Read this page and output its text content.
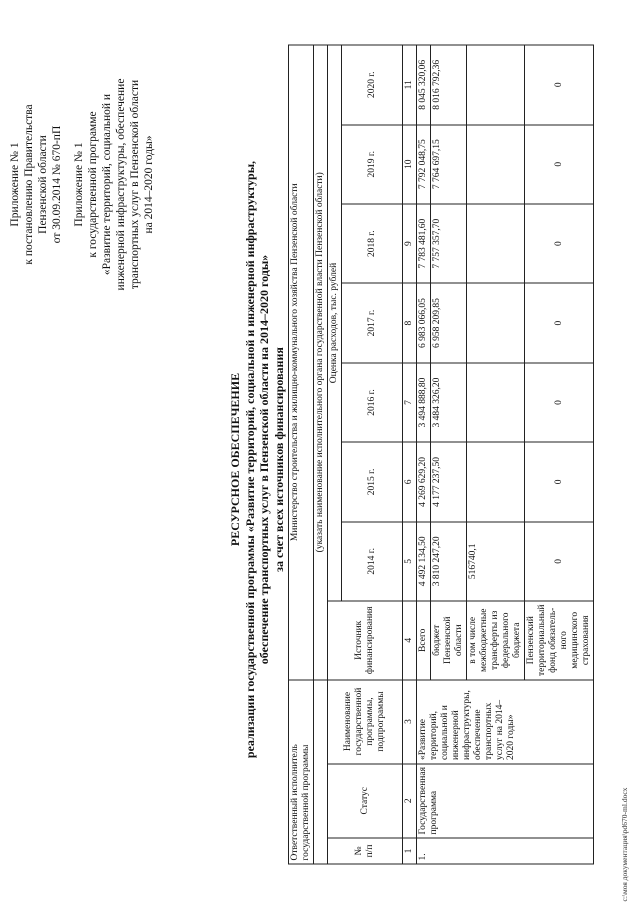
Приложение № 1 к постановлению Правительства Пензенской области от 30.09.2014 № 670-пП Приложение № 1 к государственной программе «Развитие территорий, социальной и инженерной инфраструктуры, обеспечение транспортных услуг в Пензенской области на 2014–2020 годы»
РЕСУРСНОЕ ОБЕСПЕЧЕНИЕ реализации государственной программы «Развитие территорий, социальной и инженерной инфраструктуры, обеспечение транспортных услуг в Пензенской области на 2014–2020 годы» за счет всех источников финансирования
Ответственный исполнитель государственной программы			Министерство строительства и жилищно-коммунального хозяйства Пензенской области							
			(указать наименование исполнительного органа государственной власти Пензенской области)							
№ п/п	Статус	Наименование государственной программы, подпрограммы	Источник финансирования	Оценка расходов, тыс. рублей						
				2014 г.	2015 г.	2016 г.	2017 г.	2018 г.	2019 г.	2020 г.
1	2	3	4	5	6	7	8	9	10	11
1.	Государственная программа	«Развитие территорий, социальной и инженерной инфраструктуры, обеспечение транспортных услуг на 2014–2020 годы»	Всего	4 492 134,50	4 269 629,20	3 494 888,80	6 983 066,05	7 783 481,60	7 792 048,75	8 045 320,06
			бюджет Пензенской области	3 810 247,20	4 177 237,50	3 484 326,20	6 958 209,85	7 757 357,70	7 764 697,15	8 016 792,36
			в том числе межбюджетные трансферты из федерального бюджета	516740,1						
			Пензенский территориальный фонд обязатель-ного медицинского страхования	0	0	0	0	0	0	0
c:\моя документация\pd670-ml.docx
